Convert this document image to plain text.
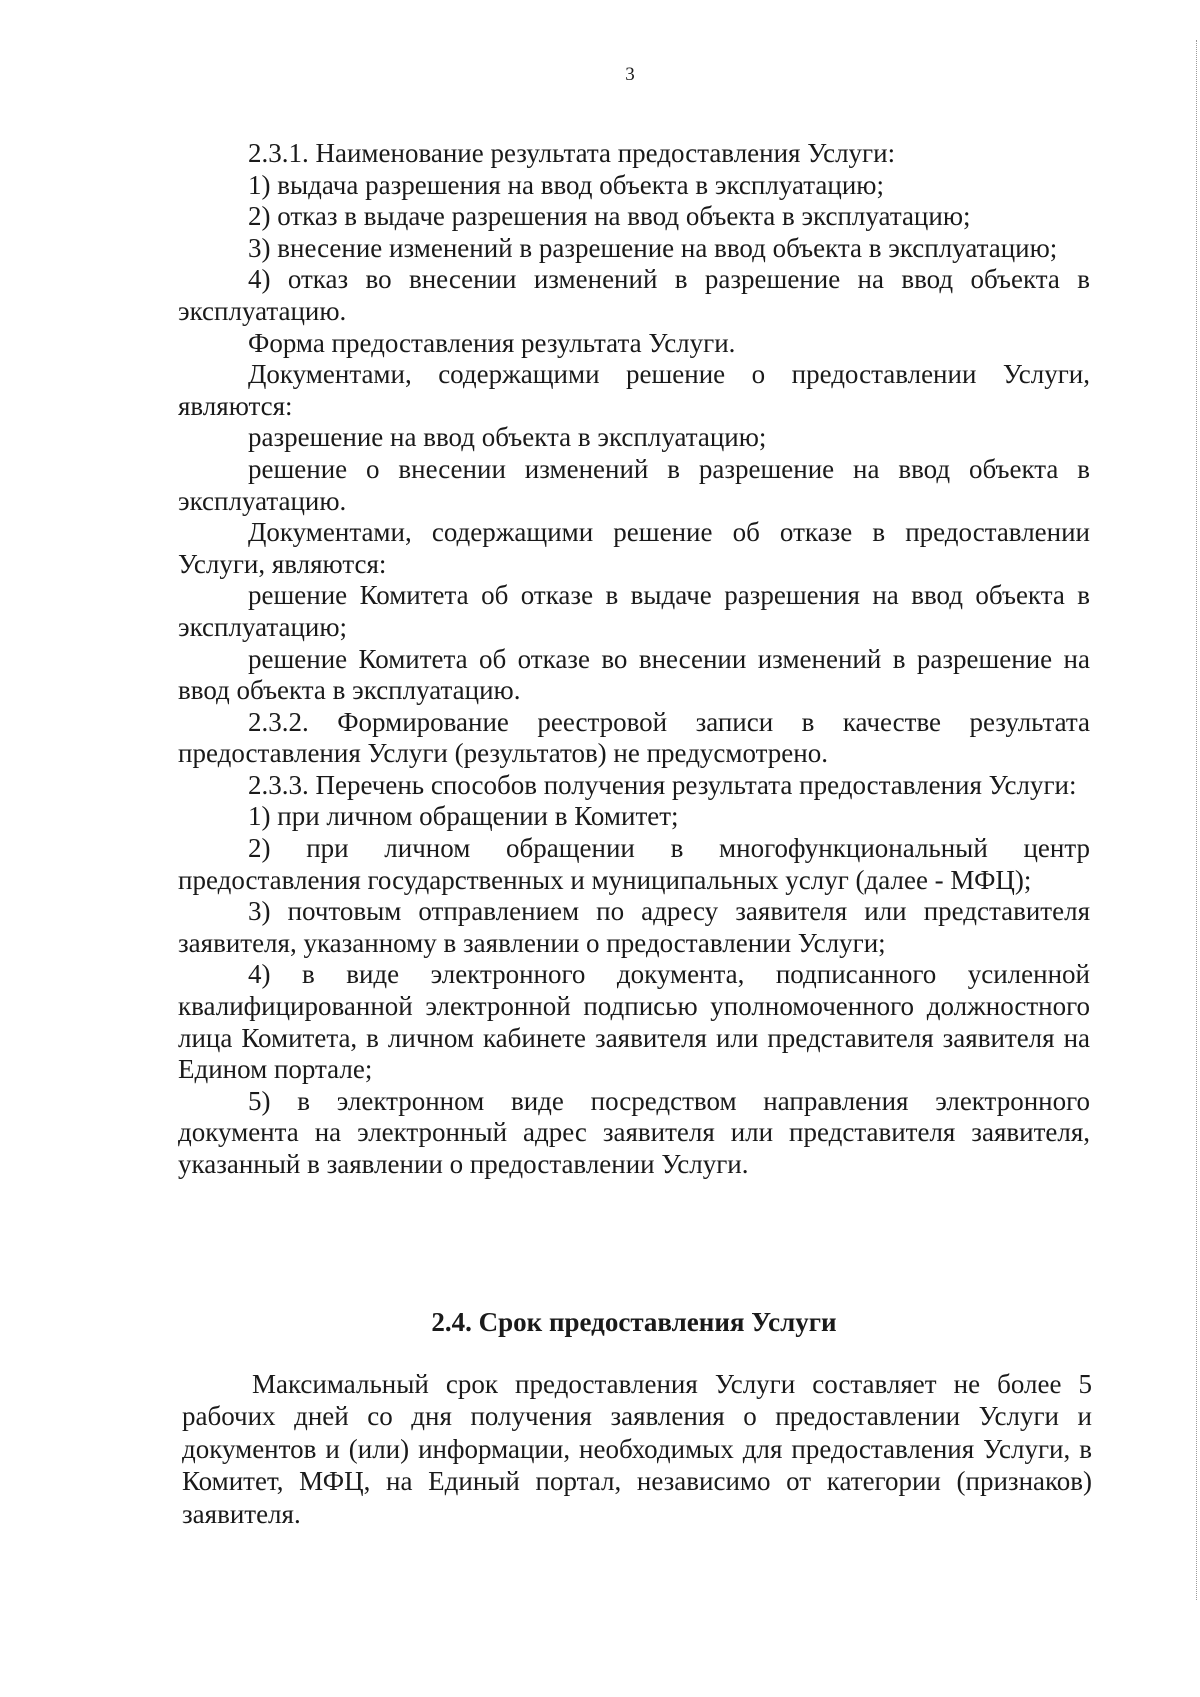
3

2.3.1. Наименование результата предоставления Услуги:

1) выдача разрешения на ввод объекта в эксплуатацию;

2) отказ в выдаче разрешения на ввод объекта в эксплуатацию;

3) внесение изменений в разрешение на ввод объекта в эксплуатацию;

4) отказ во внесении изменений в разрешение на ввод объекта в эксплуатацию.

Форма предоставления результата Услуги.

Документами, содержащими решение о предоставлении Услуги, являются:

разрешение на ввод объекта в эксплуатацию;

решение о внесении изменений в разрешение на ввод объекта в эксплуатацию.

Документами, содержащими решение об отказе в предоставлении Услуги, являются:

решение Комитета об отказе в выдаче разрешения на ввод объекта в эксплуатацию;

решение Комитета об отказе во внесении изменений в разрешение на ввод объекта в эксплуатацию.

2.3.2. Формирование реестровой записи в качестве результата предоставления Услуги (результатов) не предусмотрено.

2.3.3. Перечень способов получения результата предоставления Услуги:

1) при личном обращении в Комитет;

2) при личном обращении в многофункциональный центр предоставления государственных и муниципальных услуг (далее - МФЦ);

3) почтовым отправлением по адресу заявителя или представителя заявителя, указанному в заявлении о предоставлении Услуги;

4) в виде электронного документа, подписанного усиленной квалифицированной электронной подписью уполномоченного должностного лица Комитета, в личном кабинете заявителя или представителя заявителя на Едином портале;

5) в электронном виде посредством направления электронного документа на электронный адрес заявителя или представителя заявителя, указанный в заявлении о предоставлении Услуги.

2.4. Срок предоставления Услуги

Максимальный срок предоставления Услуги составляет не более 5 рабочих дней со дня получения заявления о предоставлении Услуги и документов и (или) информации, необходимых для предоставления Услуги, в Комитет, МФЦ, на Единый портал, независимо от категории (признаков) заявителя.
